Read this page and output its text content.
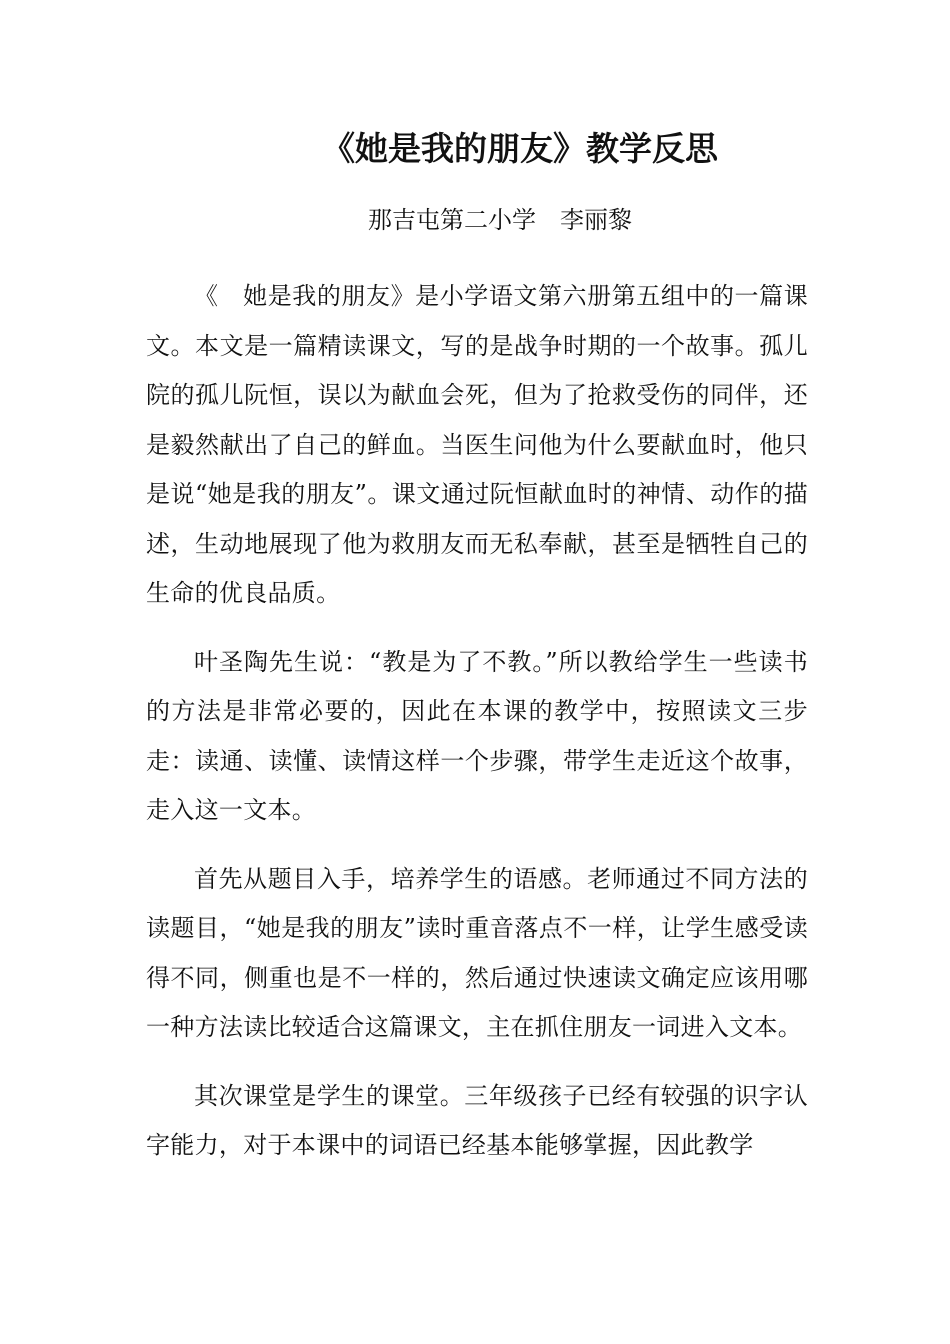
《她是我的朋友》教学反思

那吉屯第二小学　李丽黎

《　她是我的朋友》是小学语文第六册第五组中的一篇课文。本文是一篇精读课文，写的是战争时期的一个故事。孤儿院的孤儿阮恒，误以为献血会死，但为了抢救受伤的同伴，还是毅然献出了自己的鲜血。当医生问他为什么要献血时，他只是说“她是我的朋友”。课文通过阮恒献血时的神情、动作的描述，生动地展现了他为救朋友而无私奉献，甚至是牺牲自己的生命的优良品质。

叶圣陶先生说：“教是为了不教。”所以教给学生一些读书的方法是非常必要的，因此在本课的教学中，按照读文三步走：读通、读懂、读情这样一个步骤，带学生走近这个故事，走入这一文本。

首先从题目入手，培养学生的语感。老师通过不同方法的读题目，“她是我的朋友”读时重音落点不一样，让学生感受读得不同，侧重也是不一样的，然后通过快速读文确定应该用哪一种方法读比较适合这篇课文，主在抓住朋友一词进入文本。

其次课堂是学生的课堂。三年级孩子已经有较强的识字认字能力，对于本课中的词语已经基本能够掌握，因此教学
